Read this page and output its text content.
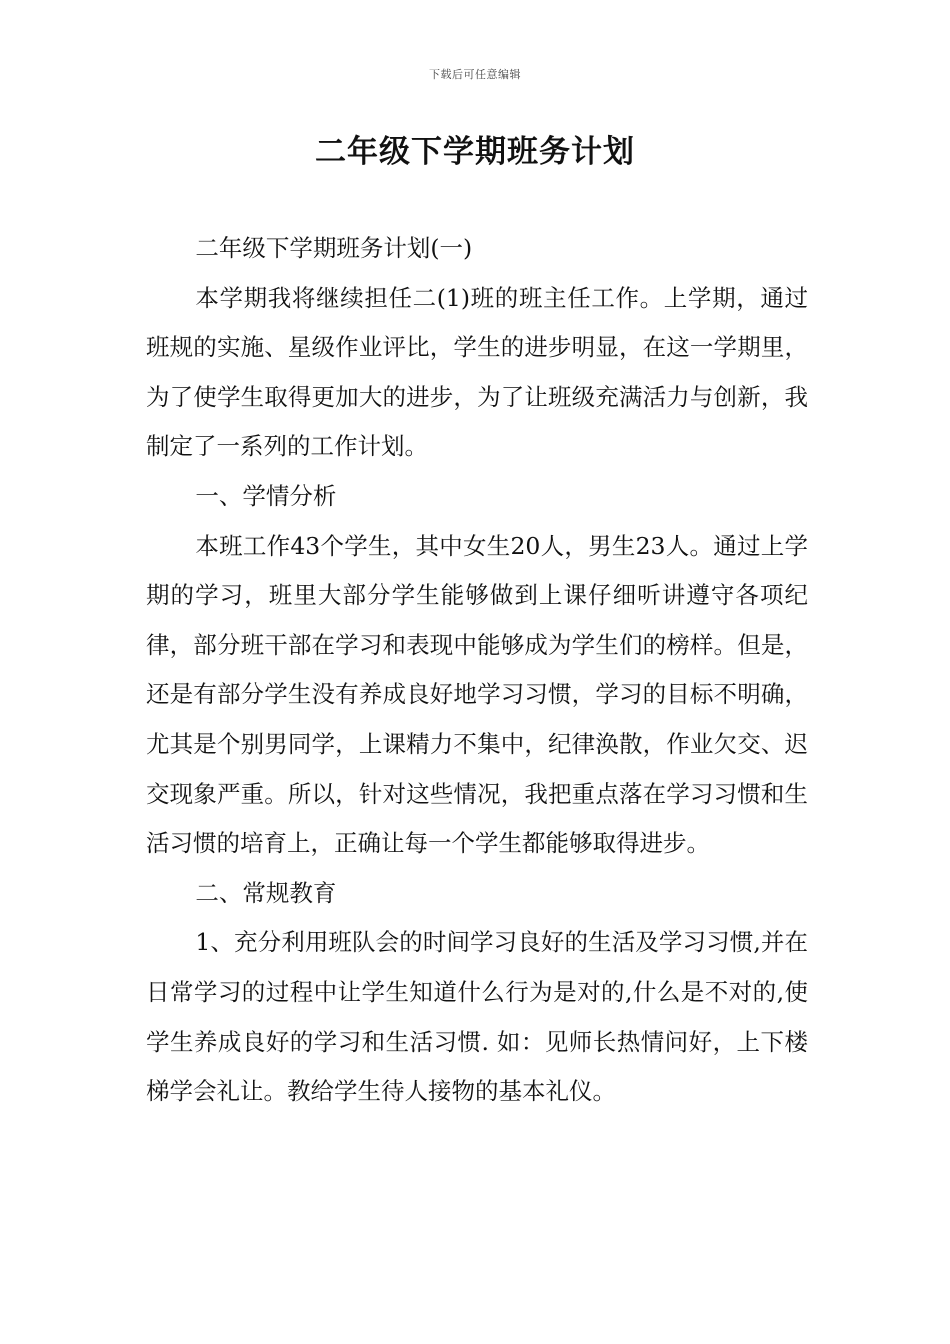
下载后可任意编辑
二年级下学期班务计划

二年级下学期班务计划(一)

本学期我将继续担任二(1)班的班主任工作。上学期，通过班规的实施、星级作业评比，学生的进步明显，在这一学期里，为了使学生取得更加大的进步，为了让班级充满活力与创新，我制定了一系列的工作计划。

一、学情分析

本班工作43个学生，其中女生20人，男生23人。通过上学期的学习，班里大部分学生能够做到上课仔细听讲遵守各项纪律，部分班干部在学习和表现中能够成为学生们的榜样。但是，还是有部分学生没有养成良好地学习习惯，学习的目标不明确，尤其是个别男同学，上课精力不集中，纪律涣散，作业欠交、迟交现象严重。所以，针对这些情况，我把重点落在学习习惯和生活习惯的培育上，正确让每一个学生都能够取得进步。

二、常规教育

1、充分利用班队会的时间学习良好的生活及学习习惯,并在日常学习的过程中让学生知道什么行为是对的,什么是不对的,使学生养成良好的学习和生活习惯. 如：见师长热情问好，上下楼梯学会礼让。教给学生待人接物的基本礼仪。
